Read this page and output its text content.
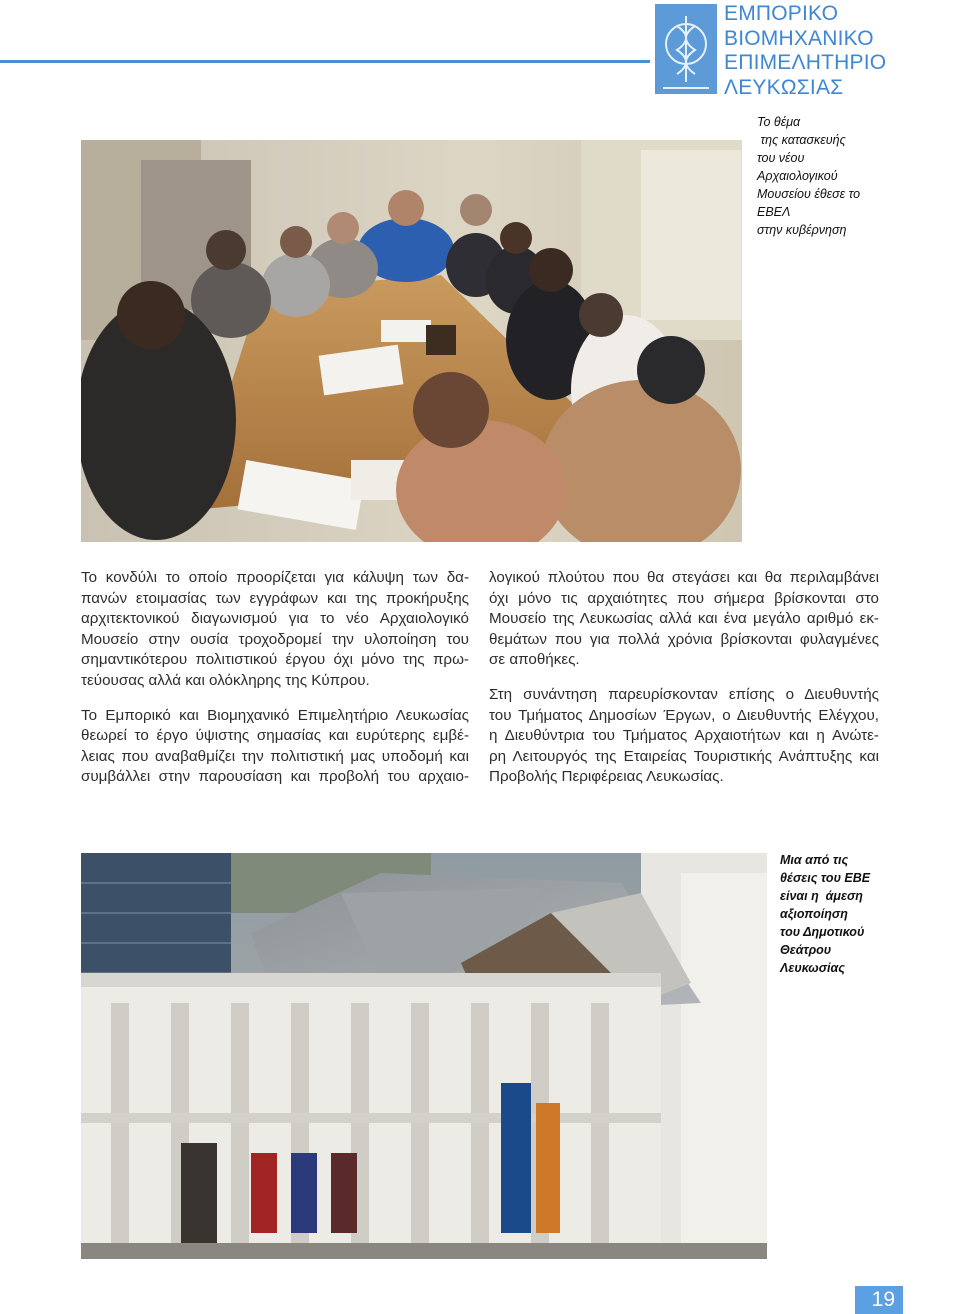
ΕΜΠΟΡΙΚΟ
ΒΙΟΜΗΧΑΝΙΚΟ
ΕΠΙΜΕΛΗΤΗΡΙΟ
ΛΕΥΚΩΣΙΑΣ
Το θέμα
της κατασκευής
του νέου
Αρχαιολογικού
Μουσείου έθεσε το
ΕΒΕΛ
στην κυβέρνηση

Το κονδύλι το οποίο προορίζεται για κάλυψη των δα-
πανών ετοιμασίας των εγγράφων και της προκήρυξης
αρχιτεκτονικού διαγωνισμού για το νέο Αρχαιολογικό
Μουσείο στην ουσία τροχοδρομεί την υλοποίηση του
σημαντικότερου πολιτιστικού έργου όχι μόνο της πρω-
τεύουσας αλλά και ολόκληρης της Κύπρου.

Το Εμπορικό και Βιομηχανικό Επιμελητήριο Λευκωσίας
θεωρεί το έργο ύψιστης σημασίας και ευρύτερης εμβέ-
λειας που αναβαθμίζει την πολιτιστική μας υποδομή και
συμβάλλει στην παρουσίαση και προβολή του αρχαιο-

λογικού πλούτου που θα στεγάσει και θα περιλαμβάνει
όχι μόνο τις αρχαιότητες που σήμερα βρίσκονται στο
Μουσείο της Λευκωσίας αλλά και ένα μεγάλο αριθμό εκ-
θεμάτων που για πολλά χρόνια βρίσκονται φυλαγμένες
σε αποθήκες.

Στη συνάντηση παρευρίσκονταν επίσης ο Διευθυντής
του Τμήματος Δημοσίων Έργων, ο Διευθυντής Ελέγχου,
η Διευθύντρια του Τμήματος Αρχαιοτήτων και η Ανώτε-
ρη Λειτουργός της Εταιρείας Τουριστικής Ανάπτυξης και
Προβολής Περιφέρειας Λευκωσίας.

Μια από τις
θέσεις του ΕΒΕ
είναι η  άμεση
αξιοποίηση
του Δημοτικού
Θεάτρου
Λευκωσίας
19
